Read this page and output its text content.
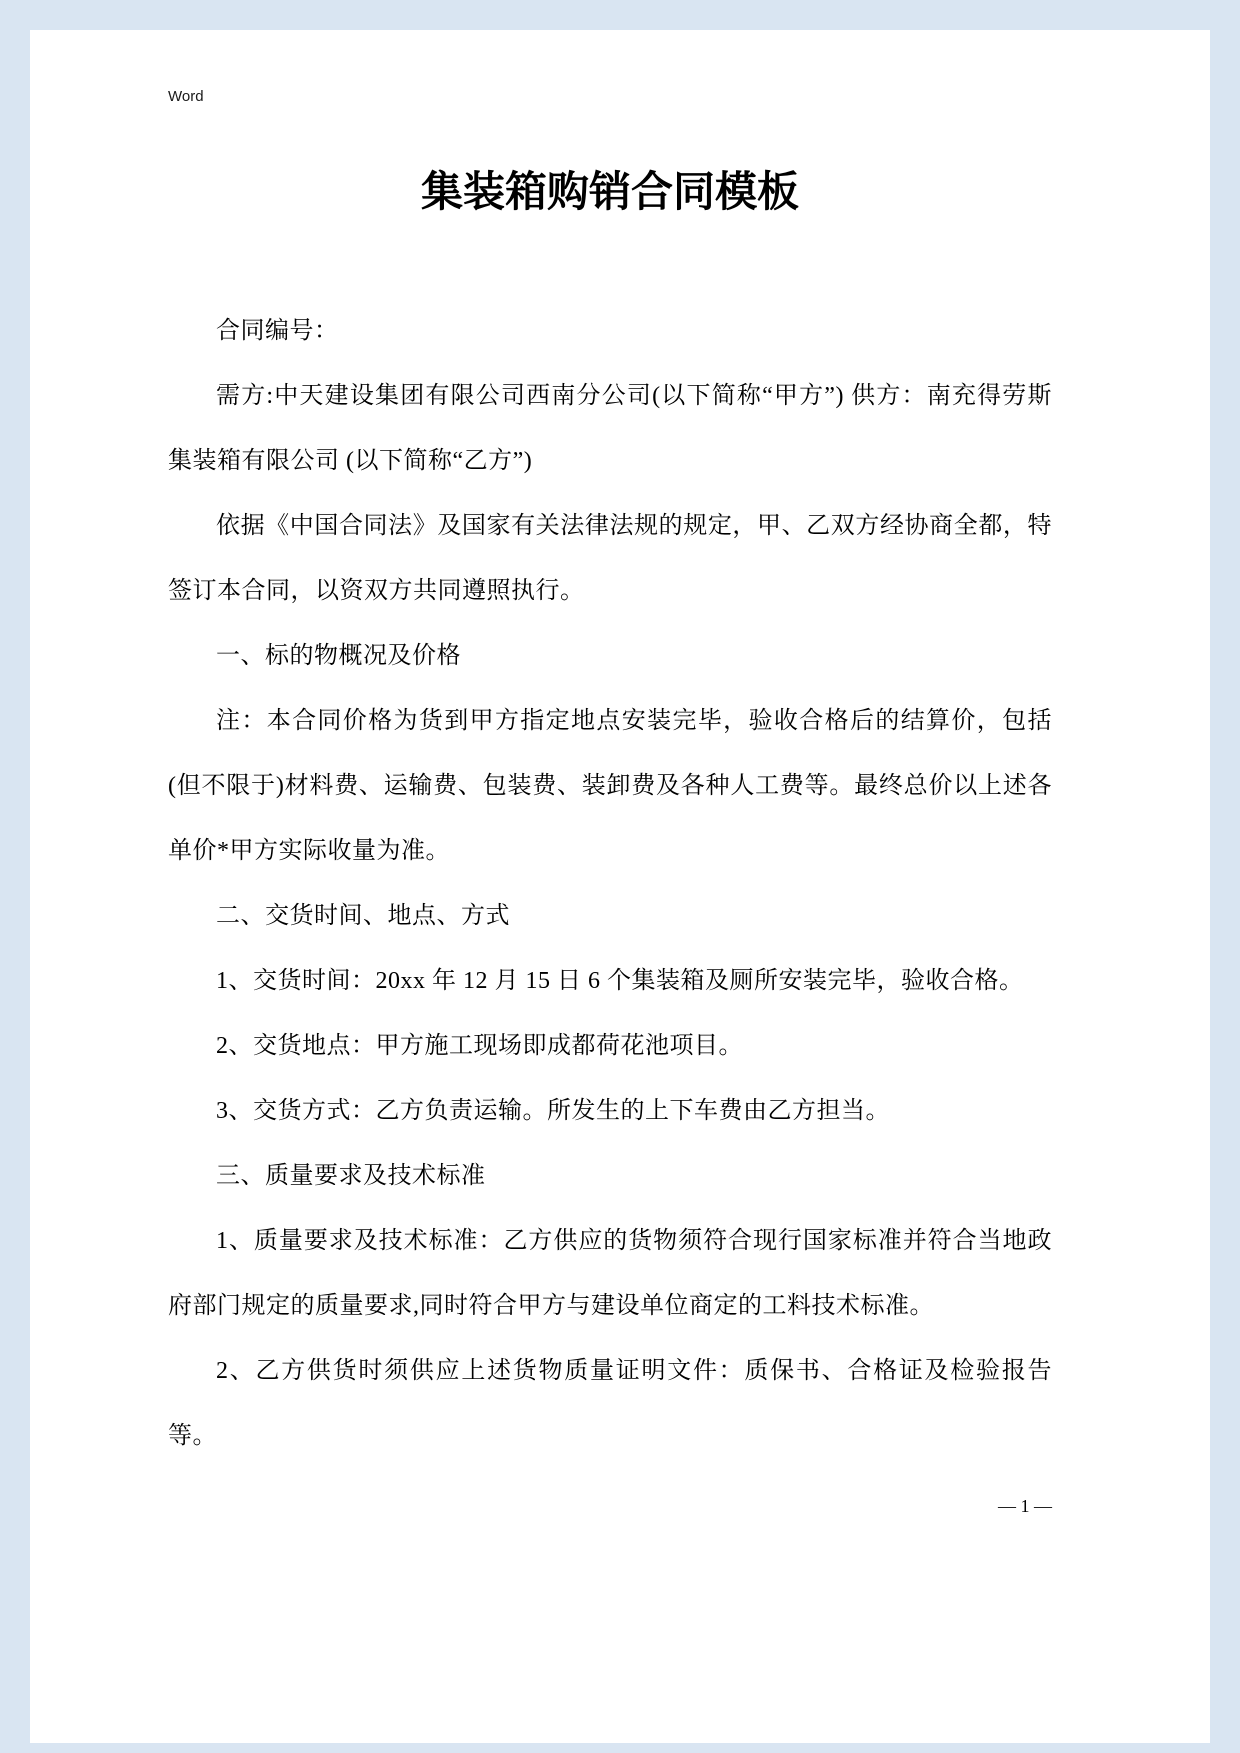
Word

集装箱购销合同模板

合同编号：

需方:中天建设集团有限公司西南分公司(以下简称“甲方”) 供方：南充得劳斯集装箱有限公司 (以下简称“乙方”)

依据《中国合同法》及国家有关法律法规的规定，甲、乙双方经协商全都，特签订本合同，以资双方共同遵照执行。

一、标的物概况及价格

注：本合同价格为货到甲方指定地点安装完毕，验收合格后的结算价，包括(但不限于)材料费、运输费、包装费、装卸费及各种人工费等。最终总价以上述各单价*甲方实际收量为准。

二、交货时间、地点、方式

1、交货时间：20xx 年 12 月 15 日 6 个集装箱及厕所安装完毕，验收合格。

2、交货地点：甲方施工现场即成都荷花池项目。

3、交货方式：乙方负责运输。所发生的上下车费由乙方担当。

三、质量要求及技术标准

1、质量要求及技术标准：乙方供应的货物须符合现行国家标准并符合当地政府部门规定的质量要求,同时符合甲方与建设单位商定的工料技术标准。

2、乙方供货时须供应上述货物质量证明文件：质保书、合格证及检验报告等。

— 1 —
